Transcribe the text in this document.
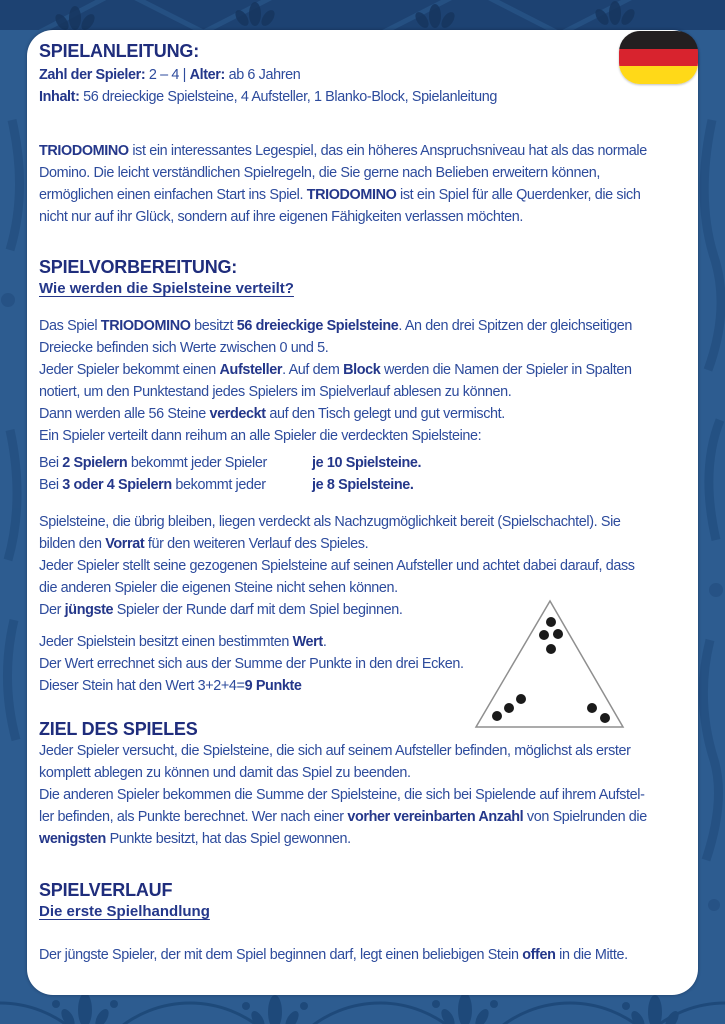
SPIELANLEITUNG:
Zahl der Spieler: 2 – 4 | Alter: ab 6 Jahren
Inhalt: 56 dreieckige Spielsteine, 4 Aufsteller, 1 Blanko-Block, Spielanleitung
TRIODOMINO ist ein interessantes Legespiel, das ein höheres Anspruchsniveau hat als das normale
Domino. Die leicht verständlichen Spielregeln, die Sie gerne nach Belieben erweitern können,
ermöglichen einen einfachen Start ins Spiel. TRIODOMINO ist ein Spiel für alle Querdenker, die sich
nicht nur auf ihr Glück, sondern auf ihre eigenen Fähigkeiten verlassen möchten.
SPIELVORBEREITUNG:
Wie werden die Spielsteine verteilt?
Das Spiel TRIODOMINO besitzt 56 dreieckige Spielsteine. An den drei Spitzen der gleichseitigen
Dreiecke befinden sich Werte zwischen 0 und 5.
Jeder Spieler bekommt einen Aufsteller. Auf dem Block werden die Namen der Spieler in Spalten
notiert, um den Punktestand jedes Spielers im Spielverlauf ablesen zu können.
Dann werden alle 56 Steine verdeckt auf den Tisch gelegt und gut vermischt.
Ein Spieler verteilt dann reihum an alle Spieler die verdeckten Spielsteine:
Bei 2 Spielern bekommt jeder Spieler	je 10 Spielsteine.
Bei 3 oder 4 Spielern bekommt jeder	je 8 Spielsteine.
Spielsteine, die übrig bleiben, liegen verdeckt als Nachzugmöglichkeit bereit (Spielschachtel). Sie
bilden den Vorrat für den weiteren Verlauf des Spieles.
Jeder Spieler stellt seine gezogenen Spielsteine auf seinen Aufsteller und achtet dabei darauf, dass
die anderen Spieler die eigenen Steine nicht sehen können.
Der jüngste Spieler der Runde darf mit dem Spiel beginnen.
Jeder Spielstein besitzt einen bestimmten Wert.
Der Wert errechnet sich aus der Summe der Punkte in den drei Ecken.
Dieser Stein hat den Wert 3+2+4=9 Punkte
ZIEL DES SPIELES
Jeder Spieler versucht, die Spielsteine, die sich auf seinem Aufsteller befinden, möglichst als erster
komplett ablegen zu können und damit das Spiel zu beenden.
Die anderen Spieler bekommen die Summe der Spielsteine, die sich bei Spielende auf ihrem Aufstel-
ler befinden, als Punkte berechnet. Wer nach einer vorher vereinbarten Anzahl von Spielrunden die
wenigsten Punkte besitzt, hat das Spiel gewonnen.
SPIELVERLAUF
Die erste Spielhandlung
Der jüngste Spieler, der mit dem Spiel beginnen darf, legt einen beliebigen Stein offen in die Mitte.
